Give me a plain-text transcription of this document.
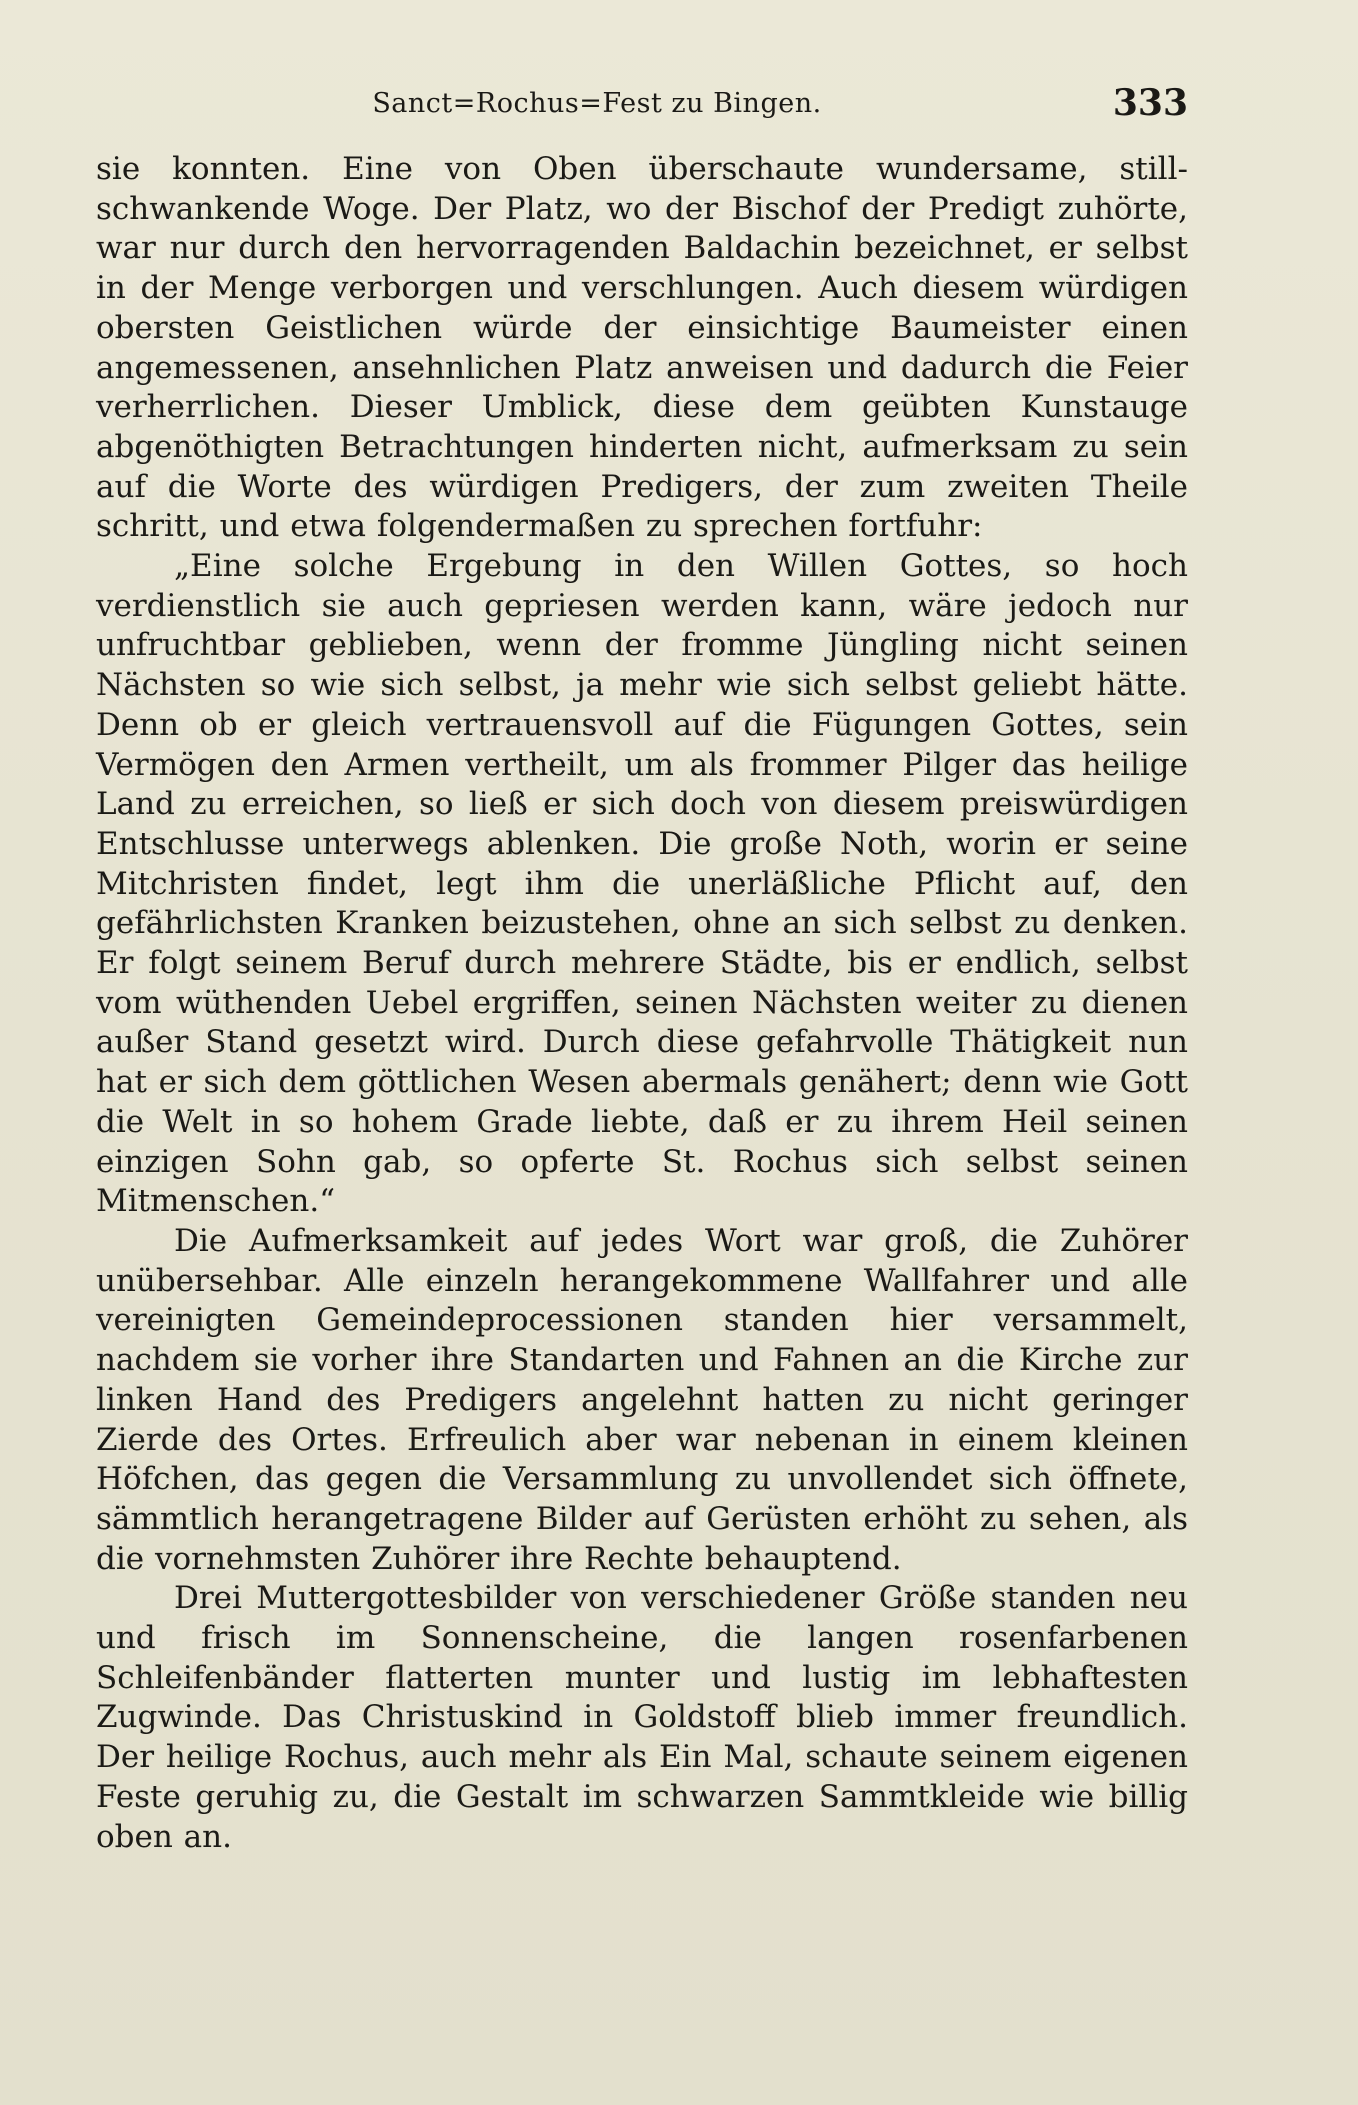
Sanct=Rochus=Fest zu Bingen.	333

sie konnten. Eine von Oben überschaute wundersame, still-schwankende Woge. Der Platz, wo der Bischof der Predigt zuhörte, war nur durch den hervorragenden Baldachin bezeichnet, er selbst in der Menge verborgen und verschlungen. Auch diesem würdigen obersten Geistlichen würde der einsichtige Baumeister einen angemessenen, ansehnlichen Platz anweisen und dadurch die Feier verherrlichen. Dieser Umblick, diese dem geübten Kunstauge abgenöthigten Betrachtungen hinderten nicht, aufmerksam zu sein auf die Worte des würdigen Predigers, der zum zweiten Theile schritt, und etwa folgendermaßen zu sprechen fortfuhr:

„Eine solche Ergebung in den Willen Gottes, so hoch verdienstlich sie auch gepriesen werden kann, wäre jedoch nur unfruchtbar geblieben, wenn der fromme Jüngling nicht seinen Nächsten so wie sich selbst, ja mehr wie sich selbst geliebt hätte. Denn ob er gleich vertrauensvoll auf die Fügungen Gottes, sein Vermögen den Armen vertheilt, um als frommer Pilger das heilige Land zu erreichen, so ließ er sich doch von diesem preiswürdigen Entschlusse unterwegs ablenken. Die große Noth, worin er seine Mitchristen findet, legt ihm die unerläßliche Pflicht auf, den gefährlichsten Kranken beizustehen, ohne an sich selbst zu denken. Er folgt seinem Beruf durch mehrere Städte, bis er endlich, selbst vom wüthenden Uebel ergriffen, seinen Nächsten weiter zu dienen außer Stand gesetzt wird. Durch diese gefahrvolle Thätigkeit nun hat er sich dem göttlichen Wesen abermals genähert; denn wie Gott die Welt in so hohem Grade liebte, daß er zu ihrem Heil seinen einzigen Sohn gab, so opferte St. Rochus sich selbst seinen Mitmenschen.“

Die Aufmerksamkeit auf jedes Wort war groß, die Zuhörer unübersehbar. Alle einzeln herangekommene Wallfahrer und alle vereinigten Gemeindeprocessionen standen hier versammelt, nachdem sie vorher ihre Standarten und Fahnen an die Kirche zur linken Hand des Predigers angelehnt hatten zu nicht geringer Zierde des Ortes. Erfreulich aber war nebenan in einem kleinen Höfchen, das gegen die Versammlung zu unvollendet sich öffnete, sämmtlich herangetragene Bilder auf Gerüsten erhöht zu sehen, als die vornehmsten Zuhörer ihre Rechte behauptend.

Drei Muttergottesbilder von verschiedener Größe standen neu und frisch im Sonnenscheine, die langen rosenfarbenen Schleifenbänder flatterten munter und lustig im lebhaftesten Zugwinde. Das Christuskind in Goldstoff blieb immer freundlich. Der heilige Rochus, auch mehr als Ein Mal, schaute seinem eigenen Feste geruhig zu, die Gestalt im schwarzen Sammtkleide wie billig oben an.
